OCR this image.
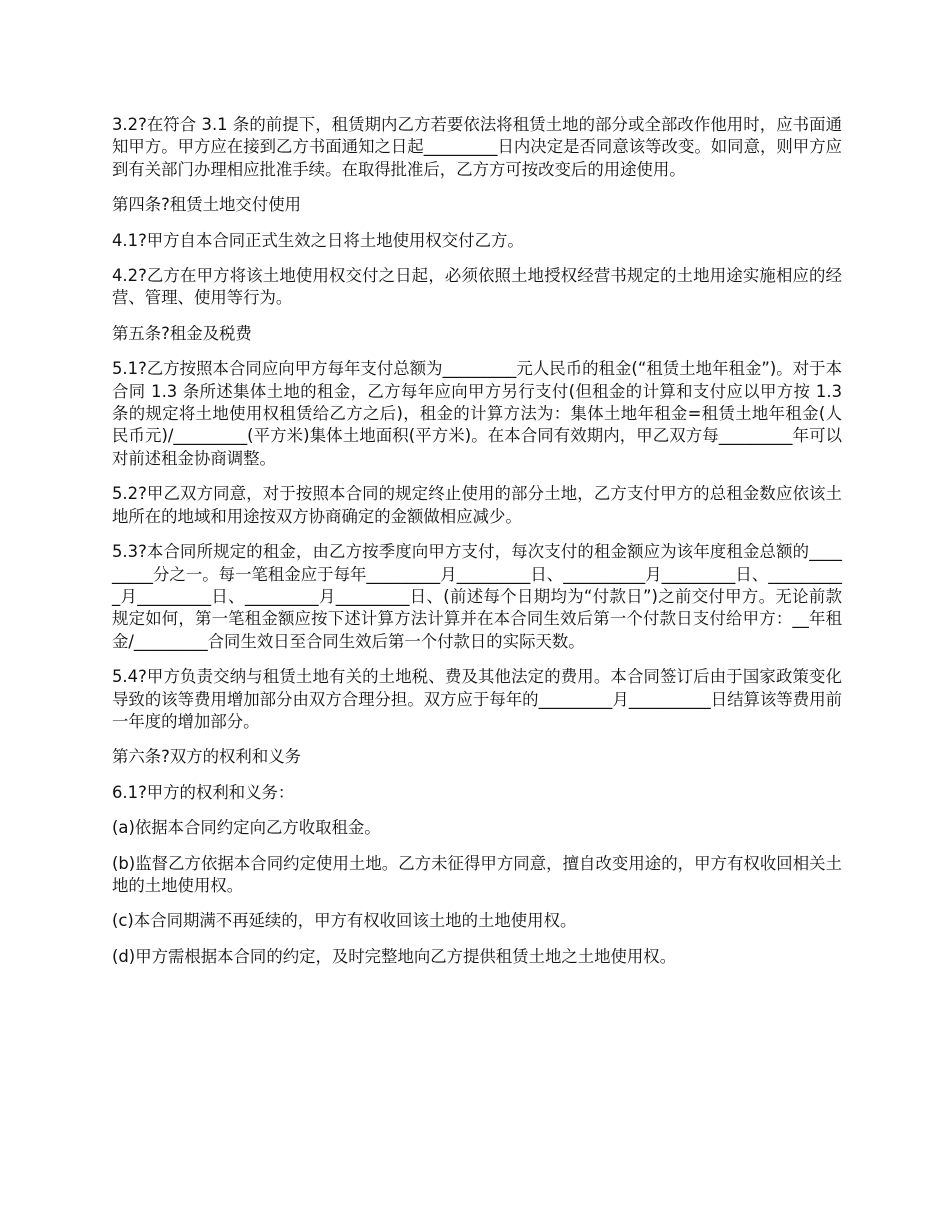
3.2?在符合 3.1 条的前提下，租赁期内乙方若要依法将租赁土地的部分或全部改作他用时，应书面通知甲方。甲方应在接到乙方书面通知之日起_________日内决定是否同意该等改变。如同意，则甲方应到有关部门办理相应批准手续。在取得批准后，乙方方可按改变后的用途使用。

第四条?租赁土地交付使用

4.1?甲方自本合同正式生效之日将土地使用权交付乙方。

4.2?乙方在甲方将该土地使用权交付之日起，必须依照土地授权经营书规定的土地用途实施相应的经营、管理、使用等行为。

第五条?租金及税费

5.1?乙方按照本合同应向甲方每年支付总额为_________元人民币的租金(“租赁土地年租金”)。对于本合同 1.3 条所述集体土地的租金，乙方每年应向甲方另行支付(但租金的计算和支付应以甲方按 1.3 条的规定将土地使用权租赁给乙方之后)，租金的计算方法为：集体土地年租金=租赁土地年租金(人民币元)/_________(平方米)集体土地面积(平方米)。在本合同有效期内，甲乙双方每_________年可以对前述租金协商调整。

5.2?甲乙双方同意，对于按照本合同的规定终止使用的部分土地，乙方支付甲方的总租金数应依该土地所在的地域和用途按双方协商确定的金额做相应减少。

5.3?本合同所规定的租金，由乙方按季度向甲方支付，每次支付的租金额应为该年度租金总额的_________分之一。每一笔租金应于每年_________月_________日、__________月_________日、__________月_________日、_________月_________日、(前述每个日期均为“付款日”)之前交付甲方。无论前款规定如何，第一笔租金额应按下述计算方法计算并在本合同生效后第一个付款日支付给甲方：__年租金/_________合同生效日至合同生效后第一个付款日的实际天数。

5.4?甲方负责交纳与租赁土地有关的土地税、费及其他法定的费用。本合同签订后由于国家政策变化导致的该等费用增加部分由双方合理分担。双方应于每年的_________月__________日结算该等费用前一年度的增加部分。

第六条?双方的权利和义务

6.1?甲方的权利和义务：

(a)依据本合同约定向乙方收取租金。

(b)监督乙方依据本合同约定使用土地。乙方未征得甲方同意，擅自改变用途的，甲方有权收回相关土地的土地使用权。

(c)本合同期满不再延续的，甲方有权收回该土地的土地使用权。

(d)甲方需根据本合同的约定，及时完整地向乙方提供租赁土地之土地使用权。
